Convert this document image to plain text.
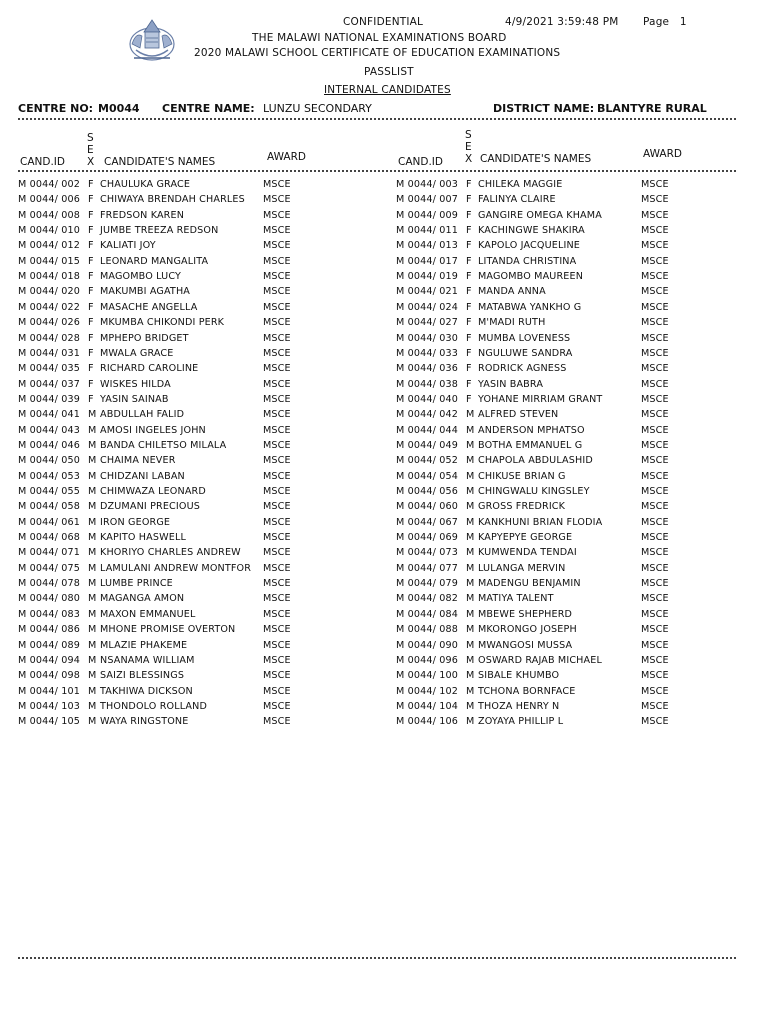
CONFIDENTIAL	4/9/2021 3:59:48 PM Page   1
THE MALAWI NATIONAL EXAMINATIONS BOARD
2020 MALAWI SCHOOL CERTIFICATE OF EDUCATION EXAMINATIONS
PASSLIST
INTERNAL CANDIDATES
CENTRE NO: M0044 CENTRE NAME: LUNZU SECONDARY	DISTRICT NAME: BLANTYRE RURAL
CAND.ID
S
E
X CANDIDATE'S NAMES	AWARD	CAND.ID
S
E
X CANDIDATE'S NAMES	AWARD
M 0044/ 002 F CHAULUKA GRACE	MSCE
M 0044/ 006 F CHIWAYA BRENDAH CHARLES MSCE
M 0044/ 008 F FREDSON KAREN	MSCE
M 0044/ 010 F JUMBE TREEZA REDSON	MSCE
M 0044/ 012 F KALIATI JOY	MSCE
M 0044/ 015 F LEONARD MANGALITA	MSCE
M 0044/ 018 F MAGOMBO LUCY	MSCE
M 0044/ 020 F MAKUMBI AGATHA	MSCE
M 0044/ 022 F MASACHE ANGELLA	MSCE
M 0044/ 026 F MKUMBA CHIKONDI PERK	MSCE
M 0044/ 028 F MPHEPO BRIDGET	MSCE
M 0044/ 031 F MWALA GRACE	MSCE
M 0044/ 035 F RICHARD CAROLINE	MSCE
M 0044/ 037 F WISKES HILDA	MSCE
M 0044/ 039 F YASIN SAINAB	MSCE
M 0044/ 041 M ABDULLAH FALID	MSCE
M 0044/ 043 M AMOSI INGELES JOHN	MSCE
M 0044/ 046 M BANDA CHILETSO MILALA	MSCE
M 0044/ 050 M CHAIMA NEVER	MSCE
M 0044/ 053 M CHIDZANI LABAN	MSCE
M 0044/ 055 M CHIMWAZA LEONARD	MSCE
M 0044/ 058 M DZUMANI PRECIOUS	MSCE
M 0044/ 061 M IRON GEORGE	MSCE
M 0044/ 068 M KAPITO HASWELL	MSCE
M 0044/ 071 M KHORIYO CHARLES ANDREW MSCE
M 0044/ 075 M LAMULANI ANDREW MONTFOR MSCE
M 0044/ 078 M LUMBE PRINCE	MSCE
M 0044/ 080 M MAGANGA AMON	MSCE
M 0044/ 083 M MAXON EMMANUEL	MSCE
M 0044/ 086 M MHONE PROMISE OVERTON	MSCE
M 0044/ 089 M MLAZIE PHAKEME	MSCE
M 0044/ 094 M NSANAMA WILLIAM	MSCE
M 0044/ 098 M SAIZI BLESSINGS	MSCE
M 0044/ 101 M TAKHIWA DICKSON	MSCE
M 0044/ 103 M THONDOLO ROLLAND	MSCE
M 0044/ 105 M WAYA RINGSTONE	MSCE
M 0044/ 003 F CHILEKA MAGGIE	MSCE
M 0044/ 007 F FALINYA CLAIRE	MSCE
M 0044/ 009 F GANGIRE OMEGA KHAMA	MSCE
M 0044/ 011 F KACHINGWE SHAKIRA	MSCE
M 0044/ 013 F KAPOLO JACQUELINE	MSCE
M 0044/ 017 F LITANDA CHRISTINA	MSCE
M 0044/ 019 F MAGOMBO MAUREEN	MSCE
M 0044/ 021 F MANDA ANNA	MSCE
M 0044/ 024 F MATABWA YANKHO G	MSCE
M 0044/ 027 F M'MADI RUTH	MSCE
M 0044/ 030 F MUMBA LOVENESS	MSCE
M 0044/ 033 F NGULUWE SANDRA	MSCE
M 0044/ 036 F RODRICK AGNESS	MSCE
M 0044/ 038 F YASIN BABRA	MSCE
M 0044/ 040 F YOHANE MIRRIAM GRANT	MSCE
M 0044/ 042 M ALFRED STEVEN	MSCE
M 0044/ 044 M ANDERSON MPHATSO	MSCE
M 0044/ 049 M BOTHA EMMANUEL G	MSCE
M 0044/ 052 M CHAPOLA ABDULASHID	MSCE
M 0044/ 054 M CHIKUSE BRIAN G	MSCE
M 0044/ 056 M CHINGWALU KINGSLEY	MSCE
M 0044/ 060 M GROSS FREDRICK	MSCE
M 0044/ 067 M KANKHUNI BRIAN FLODIA	MSCE
M 0044/ 069 M KAPYEPYE GEORGE	MSCE
M 0044/ 073 M KUMWENDA TENDAI	MSCE
M 0044/ 077 M LULANGA MERVIN	MSCE
M 0044/ 079 M MADENGU BENJAMIN	MSCE
M 0044/ 082 M MATIYA TALENT	MSCE
M 0044/ 084 M MBEWE SHEPHERD	MSCE
M 0044/ 088 M MKORONGO JOSEPH	MSCE
M 0044/ 090 M MWANGOSI MUSSA	MSCE
M 0044/ 096 M OSWARD RAJAB MICHAEL	MSCE
M 0044/ 100 M SIBALE KHUMBO	MSCE
M 0044/ 102 M TCHONA BORNFACE	MSCE
M 0044/ 104 M THOZA HENRY N	MSCE
M 0044/ 106 M ZOYAYA PHILLIP L	MSCE
